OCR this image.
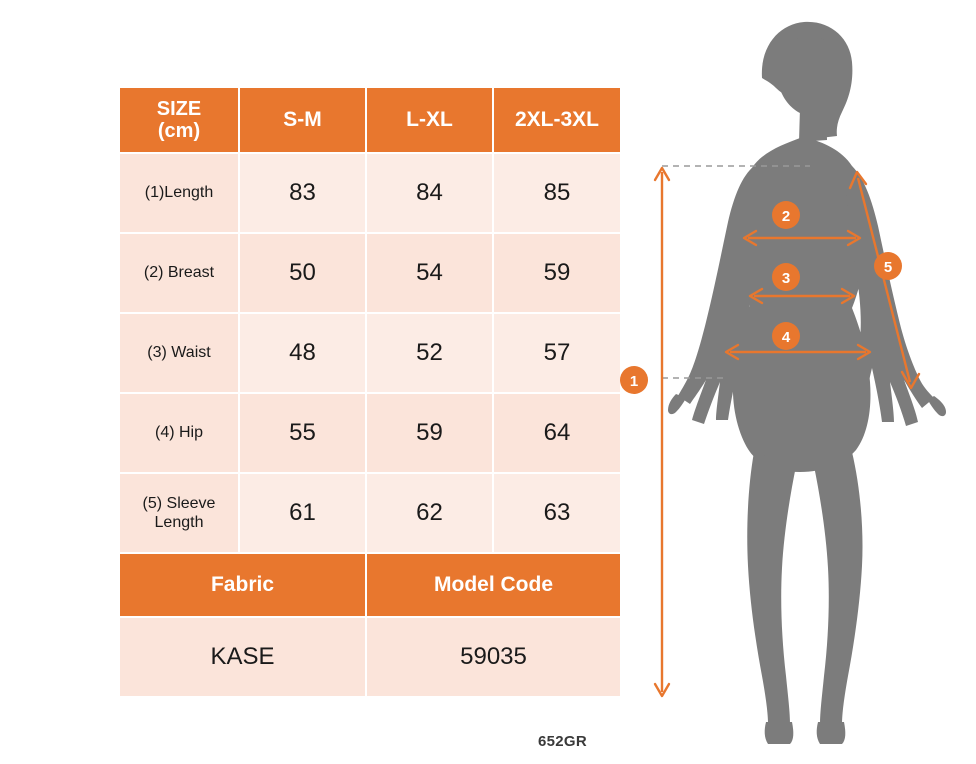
SIZE
(cm)	S-M	L-XL	2XL-3XL
(1)Length	83	84	85
(2) Breast	50	54	59
(3) Waist	48	52	57
(4) Hip	55	59	64
(5) Sleeve Length	61	62	63
Fabric		Model Code	
KASE		59035	
652GR
1
2
3
4
5
